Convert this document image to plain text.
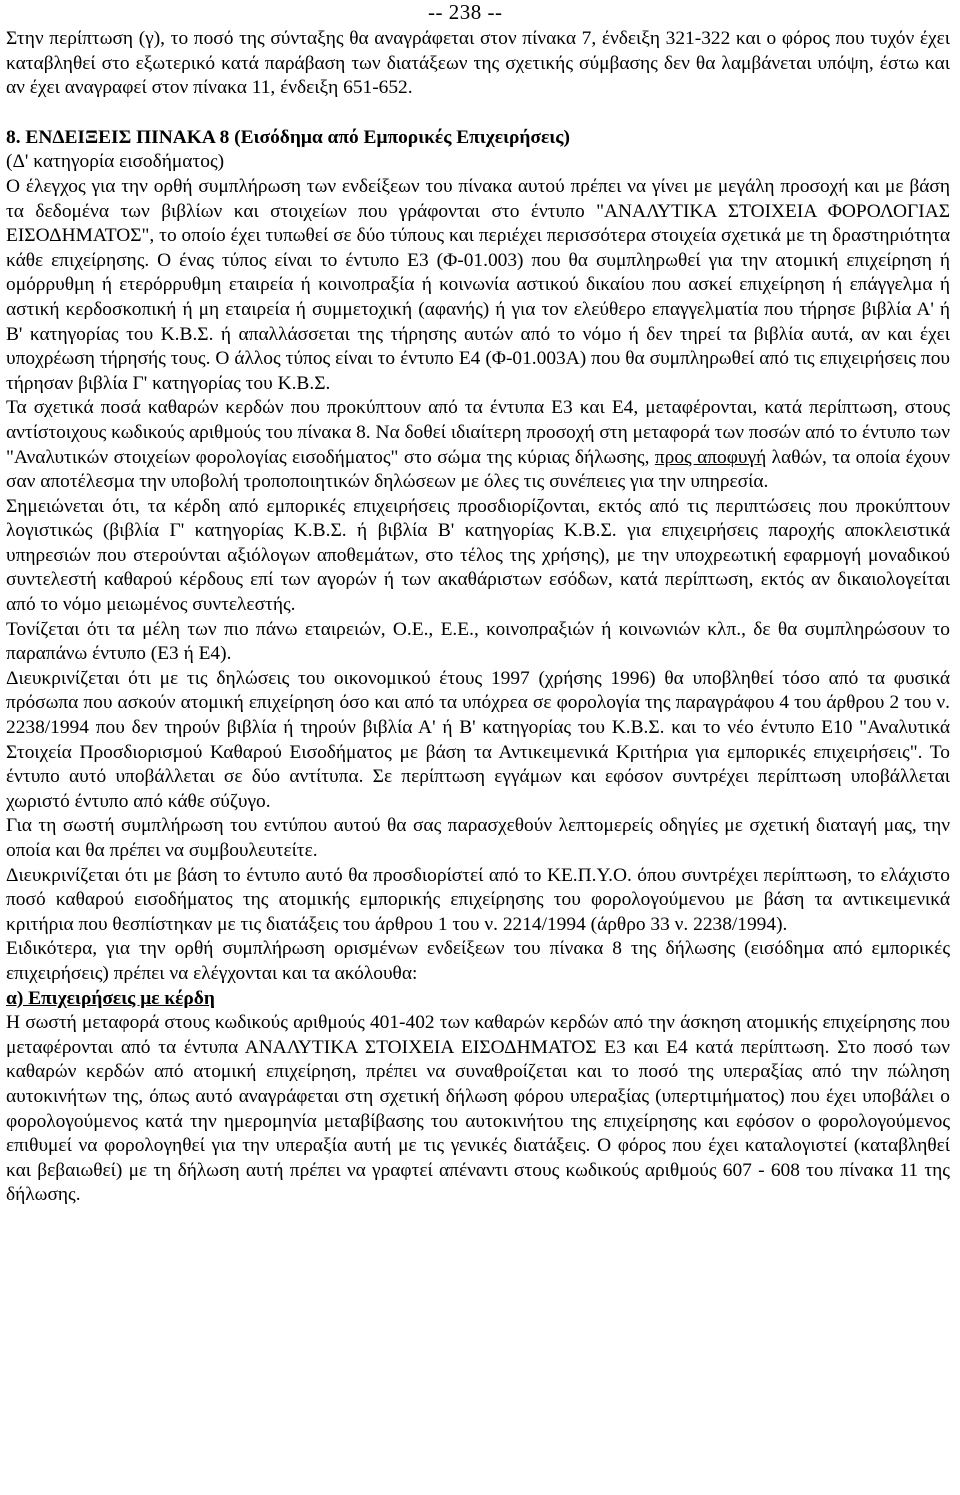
-- 238 --

Στην περίπτωση (γ), το ποσό της σύνταξης θα αναγράφεται στον πίνακα 7, ένδειξη 321-322 και ο φόρος που τυχόν έχει καταβληθεί στο εξωτερικό κατά παράβαση των διατάξεων της σχετικής σύμβασης δεν θα λαμβάνεται υπόψη, έστω και αν έχει αναγραφεί στον πίνακα 11, ένδειξη 651-652.

8. ΕΝΔΕΙΞΕΙΣ ΠΙΝΑΚΑ 8 (Εισόδημα από Εμπορικές Επιχειρήσεις)

(Δ' κατηγορία εισοδήματος)

Ο έλεγχος για την ορθή συμπλήρωση των ενδείξεων του πίνακα αυτού πρέπει να γίνει με μεγάλη προσοχή και με βάση τα δεδομένα των βιβλίων και στοιχείων που γράφονται στο έντυπο "ΑΝΑΛΥΤΙΚΑ ΣΤΟΙΧΕΙΑ ΦΟΡΟΛΟΓΙΑΣ ΕΙΣΟΔΗΜΑΤΟΣ", το οποίο έχει τυπωθεί σε δύο τύπους και περιέχει περισσότερα στοιχεία σχετικά με τη δραστηριότητα κάθε επιχείρησης. Ο ένας τύπος είναι το έντυπο Ε3 (Φ-01.003) που θα συμπληρωθεί για την ατομική επιχείρηση ή ομόρρυθμη ή ετερόρρυθμη εταιρεία ή κοινοπραξία ή κοινωνία αστικού δικαίου που ασκεί επιχείρηση ή επάγγελμα ή αστική κερδοσκοπική ή μη εταιρεία ή συμμετοχική (αφανής) ή για τον ελεύθερο επαγγελματία που τήρησε βιβλία Α' ή Β' κατηγορίας του Κ.Β.Σ. ή απαλλάσσεται της τήρησης αυτών από το νόμο ή δεν τηρεί τα βιβλία αυτά, αν και έχει υποχρέωση τήρησής τους. Ο άλλος τύπος είναι το έντυπο Ε4 (Φ-01.003Α) που θα συμπληρωθεί από τις επιχειρήσεις που τήρησαν βιβλία Γ' κατηγορίας του Κ.Β.Σ.

Τα σχετικά ποσά καθαρών κερδών που προκύπτουν από τα έντυπα Ε3 και Ε4, μεταφέρονται, κατά περίπτωση, στους αντίστοιχους κωδικούς αριθμούς του πίνακα 8. Να δοθεί ιδιαίτερη προσοχή στη μεταφορά των ποσών από το έντυπο των "Αναλυτικών στοιχείων φορολογίας εισοδήματος" στο σώμα της κύριας δήλωσης, προς αποφυγή λαθών, τα οποία έχουν σαν αποτέλεσμα την υποβολή τροποποιητικών δηλώσεων με όλες τις συνέπειες για την υπηρεσία.

Σημειώνεται ότι, τα κέρδη από εμπορικές επιχειρήσεις προσδιορίζονται, εκτός από τις περιπτώσεις που προκύπτουν λογιστικώς (βιβλία Γ' κατηγορίας Κ.Β.Σ. ή βιβλία Β' κατηγορίας Κ.Β.Σ. για επιχειρήσεις παροχής αποκλειστικά υπηρεσιών που στερούνται αξιόλογων αποθεμάτων, στο τέλος της χρήσης), με την υποχρεωτική εφαρμογή μοναδικού συντελεστή καθαρού κέρδους επί των αγορών ή των ακαθάριστων εσόδων, κατά περίπτωση, εκτός αν δικαιολογείται από το νόμο μειωμένος συντελεστής.

Τονίζεται ότι τα μέλη των πιο πάνω εταιρειών, Ο.Ε., Ε.Ε., κοινοπραξιών ή κοινωνιών κλπ., δε θα συμπληρώσουν το παραπάνω έντυπο (Ε3 ή Ε4).

Διευκρινίζεται ότι με τις δηλώσεις του οικονομικού έτους 1997 (χρήσης 1996) θα υποβληθεί τόσο από τα φυσικά πρόσωπα που ασκούν ατομική επιχείρηση όσο και από τα υπόχρεα σε φορολογία της παραγράφου 4 του άρθρου 2 του ν. 2238/1994 που δεν τηρούν βιβλία ή τηρούν βιβλία Α' ή Β' κατηγορίας του Κ.Β.Σ. και το νέο έντυπο Ε10 "Αναλυτικά Στοιχεία Προσδιορισμού Καθαρού Εισοδήματος με βάση τα Αντικειμενικά Κριτήρια για εμπορικές επιχειρήσεις". Το έντυπο αυτό υποβάλλεται σε δύο αντίτυπα. Σε περίπτωση εγγάμων και εφόσον συντρέχει περίπτωση υποβάλλεται χωριστό έντυπο από κάθε σύζυγο.

Για τη σωστή συμπλήρωση του εντύπου αυτού θα σας παρασχεθούν λεπτομερείς οδηγίες με σχετική διαταγή μας, την οποία και θα πρέπει να συμβουλευτείτε.

Διευκρινίζεται ότι με βάση το έντυπο αυτό θα προσδιορίστεί από το ΚΕ.Π.Υ.Ο. όπου συντρέχει περίπτωση, το ελάχιστο ποσό καθαρού εισοδήματος της ατομικής εμπορικής επιχείρησης του φορολογούμενου με βάση τα αντικειμενικά κριτήρια που θεσπίστηκαν με τις διατάξεις του άρθρου 1 του ν. 2214/1994 (άρθρο 33 ν. 2238/1994).

Ειδικότερα, για την ορθή συμπλήρωση ορισμένων ενδείξεων του πίνακα 8 της δήλωσης (εισόδημα από εμπορικές επιχειρήσεις) πρέπει να ελέγχονται και τα ακόλουθα:

α) Επιχειρήσεις με κέρδη

Η σωστή μεταφορά στους κωδικούς αριθμούς 401-402 των καθαρών κερδών από την άσκηση ατομικής επιχείρησης που μεταφέρονται από τα έντυπα ΑΝΑΛΥΤΙΚΑ ΣΤΟΙΧΕΙΑ ΕΙΣΟΔΗΜΑΤΟΣ Ε3 και Ε4 κατά περίπτωση. Στο ποσό των καθαρών κερδών από ατομική επιχείρηση, πρέπει να συναθροίζεται και το ποσό της υπεραξίας από την πώληση αυτοκινήτων της, όπως αυτό αναγράφεται στη σχετική δήλωση φόρου υπεραξίας (υπερτιμήματος) που έχει υποβάλει ο φορολογούμενος κατά την ημερομηνία μεταβίβασης του αυτοκινήτου της επιχείρησης και εφόσον ο φορολογούμενος επιθυμεί να φορολογηθεί για την υπεραξία αυτή με τις γενικές διατάξεις. Ο φόρος που έχει καταλογιστεί (καταβληθεί και βεβαιωθεί) με τη δήλωση αυτή πρέπει να γραφτεί απέναντι στους κωδικούς αριθμούς 607 - 608 του πίνακα 11 της δήλωσης.
